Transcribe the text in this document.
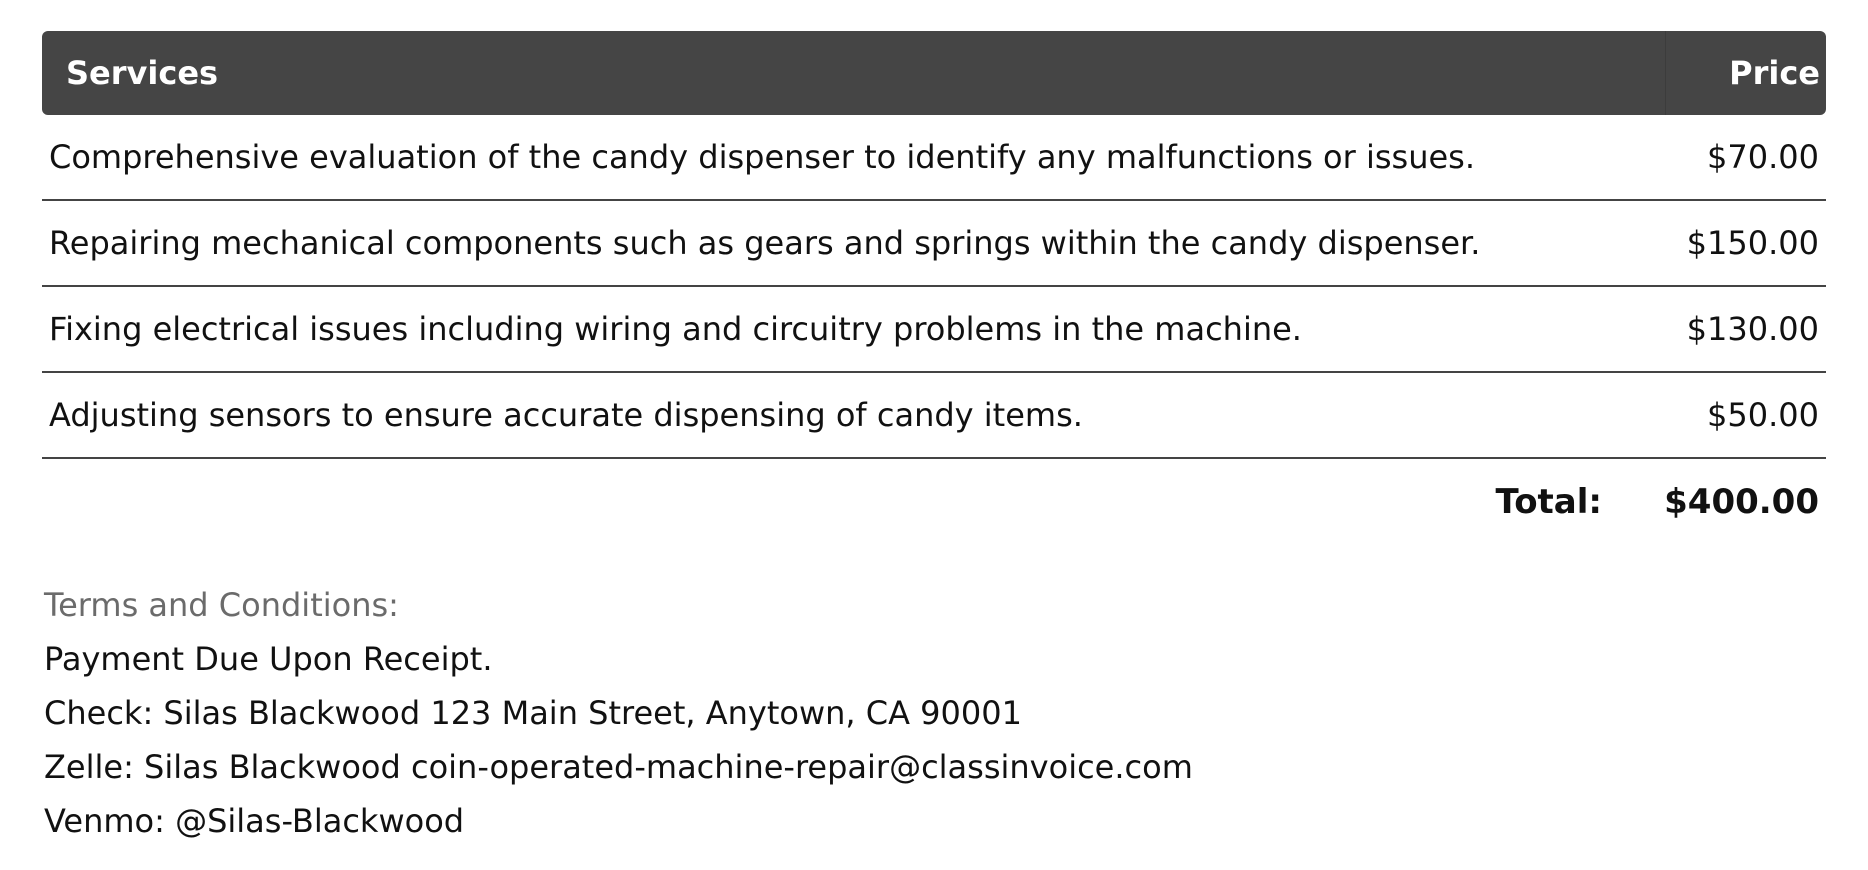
Services	Price
Comprehensive evaluation of the candy dispenser to identify any malfunctions or issues.	$70.00
Repairing mechanical components such as gears and springs within the candy dispenser.	$150.00
Fixing electrical issues including wiring and circuitry problems in the machine.	$130.00
Adjusting sensors to ensure accurate dispensing of candy items.	$50.00
Total:	$400.00
Terms and Conditions:
Payment Due Upon Receipt.
Check: Silas Blackwood 123 Main Street, Anytown, CA 90001
Zelle: Silas Blackwood coin-operated-machine-repair@classinvoice.com
Venmo: @Silas-Blackwood
